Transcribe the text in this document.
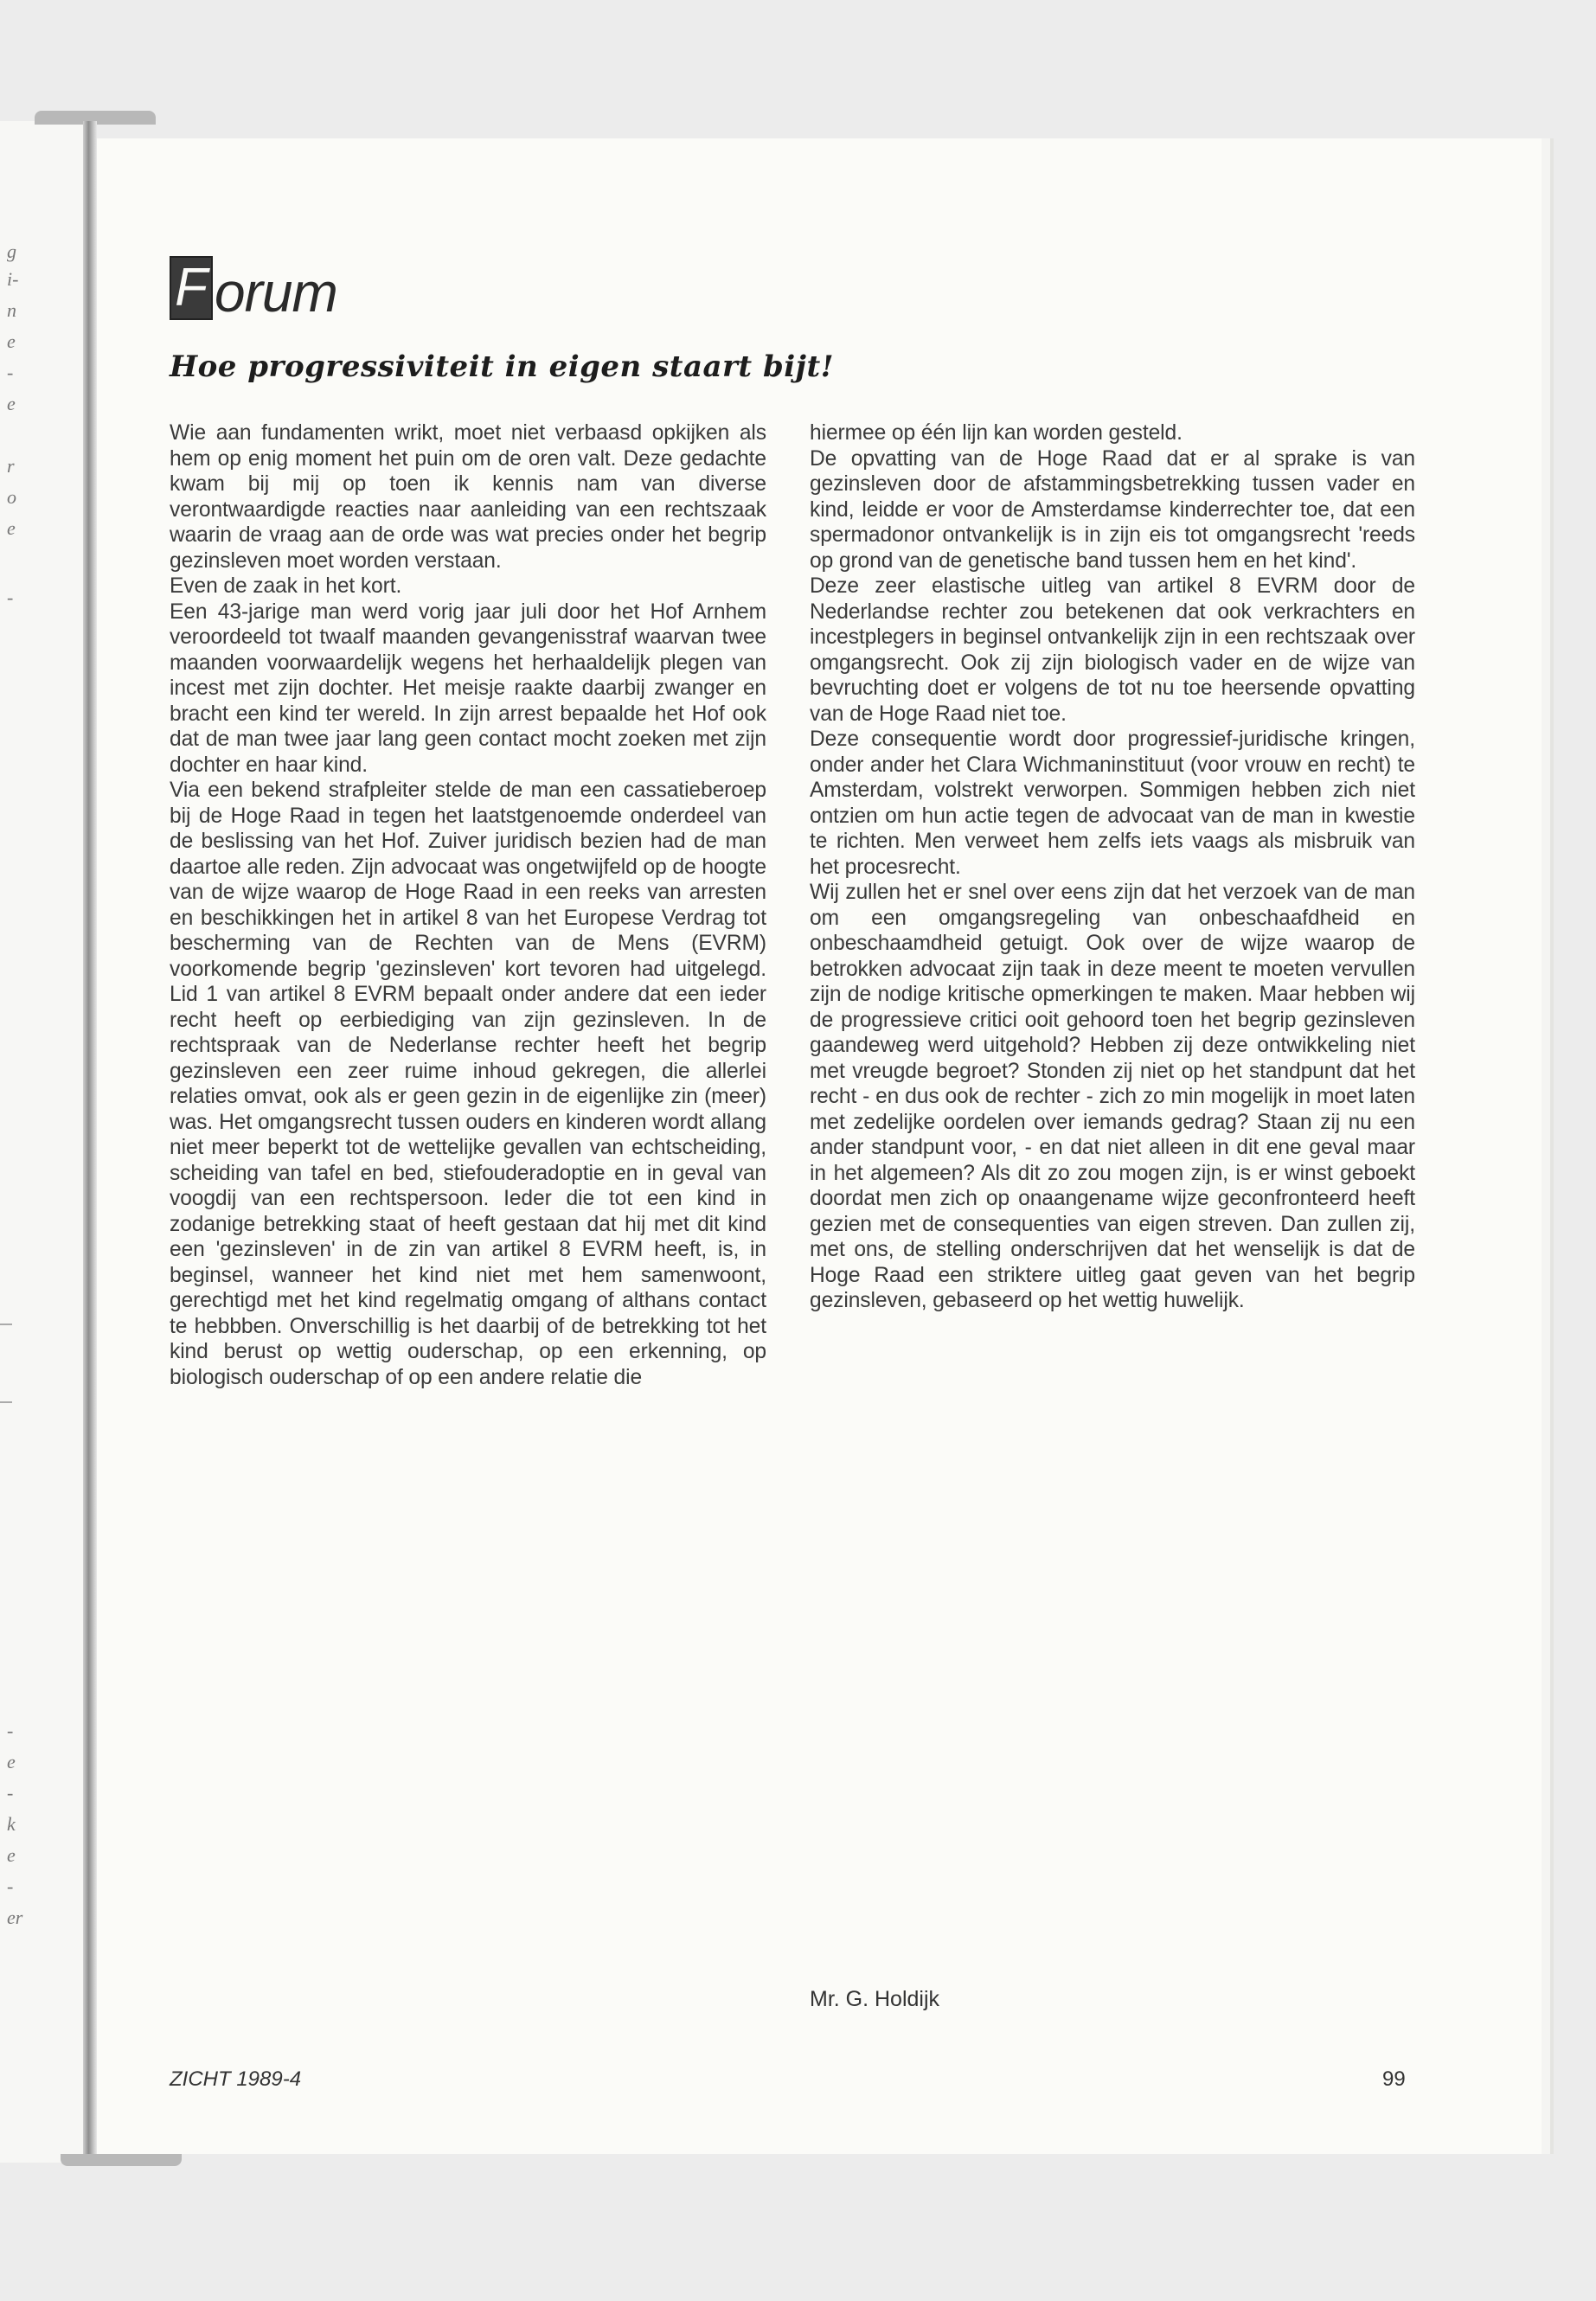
g
i-
n
e
-
e
r
o
e
-
-
e
-
k
e
-
er
F orum
Hoe progressiviteit in eigen staart bijt!

Wie aan fundamenten wrikt, moet niet verbaasd opkijken als hem op enig moment het puin om de oren valt. Deze gedachte kwam bij mij op toen ik kennis nam van diverse verontwaardigde reacties naar aanleiding van een rechtszaak waarin de vraag aan de orde was wat precies onder het begrip gezinsleven moet worden verstaan.

Even de zaak in het kort.

Een 43-jarige man werd vorig jaar juli door het Hof Arnhem veroordeeld tot twaalf maanden gevangenisstraf waarvan twee maanden voorwaardelijk wegens het herhaaldelijk plegen van incest met zijn dochter. Het meisje raakte daarbij zwanger en bracht een kind ter wereld. In zijn arrest bepaalde het Hof ook dat de man twee jaar lang geen contact mocht zoeken met zijn dochter en haar kind.

Via een bekend strafpleiter stelde de man een cassatieberoep bij de Hoge Raad in tegen het laatstgenoemde onderdeel van de beslissing van het Hof. Zuiver juridisch bezien had de man daartoe alle reden. Zijn advocaat was ongetwijfeld op de hoogte van de wijze waarop de Hoge Raad in een reeks van arresten en beschikkingen het in artikel 8 van het Europese Verdrag tot bescherming van de Rechten van de Mens (EVRM) voorkomende begrip 'gezinsleven' kort tevoren had uitgelegd. Lid 1 van artikel 8 EVRM bepaalt onder andere dat een ieder recht heeft op eerbiediging van zijn gezinsleven. In de rechtspraak van de Nederlanse rechter heeft het begrip gezinsleven een zeer ruime inhoud gekregen, die allerlei relaties omvat, ook als er geen gezin in de eigenlijke zin (meer) was. Het omgangsrecht tussen ouders en kinderen wordt allang niet meer beperkt tot de wettelijke gevallen van echtscheiding, scheiding van tafel en bed, stiefouderadoptie en in geval van voogdij van een rechtspersoon. Ieder die tot een kind in zodanige betrekking staat of heeft gestaan dat hij met dit kind een 'gezinsleven' in de zin van artikel 8 EVRM heeft, is, in beginsel, wanneer het kind niet met hem samenwoont, gerechtigd met het kind regelmatig omgang of althans contact te hebbben. Onverschillig is het daarbij of de betrekking tot het kind berust op wettig ouderschap, op een erkenning, op biologisch ouderschap of op een andere relatie die

hiermee op één lijn kan worden gesteld.

De opvatting van de Hoge Raad dat er al sprake is van gezinsleven door de afstammingsbetrekking tussen vader en kind, leidde er voor de Amsterdamse kinderrechter toe, dat een spermadonor ontvankelijk is in zijn eis tot omgangsrecht 'reeds op grond van de genetische band tussen hem en het kind'.

Deze zeer elastische uitleg van artikel 8 EVRM door de Nederlandse rechter zou betekenen dat ook verkrachters en incestplegers in beginsel ontvankelijk zijn in een rechtszaak over omgangsrecht. Ook zij zijn biologisch vader en de wijze van bevruchting doet er volgens de tot nu toe heersende opvatting van de Hoge Raad niet toe.

Deze consequentie wordt door progressief-juridische kringen, onder ander het Clara Wichmaninstituut (voor vrouw en recht) te Amsterdam, volstrekt verworpen. Sommigen hebben zich niet ontzien om hun actie tegen de advocaat van de man in kwestie te richten. Men verweet hem zelfs iets vaags als misbruik van het procesrecht.

Wij zullen het er snel over eens zijn dat het verzoek van de man om een omgangsregeling van onbeschaafdheid en onbeschaamdheid getuigt. Ook over de wijze waarop de betrokken advocaat zijn taak in deze meent te moeten vervullen zijn de nodige kritische opmerkingen te maken. Maar hebben wij de progressieve critici ooit gehoord toen het begrip gezinsleven gaandeweg werd uitgehold? Hebben zij deze ontwikkeling niet met vreugde begroet? Stonden zij niet op het standpunt dat het recht - en dus ook de rechter - zich zo min mogelijk in moet laten met zedelijke oordelen over iemands gedrag? Staan zij nu een ander standpunt voor, - en dat niet alleen in dit ene geval maar in het algemeen? Als dit zo zou mogen zijn, is er winst geboekt doordat men zich op onaangename wijze geconfronteerd heeft gezien met de consequenties van eigen streven. Dan zullen zij, met ons, de stelling onderschrijven dat het wenselijk is dat de Hoge Raad een striktere uitleg gaat geven van het begrip gezinsleven, gebaseerd op het wettig huwelijk.

Mr. G. Holdijk
ZICHT 1989-4	99
